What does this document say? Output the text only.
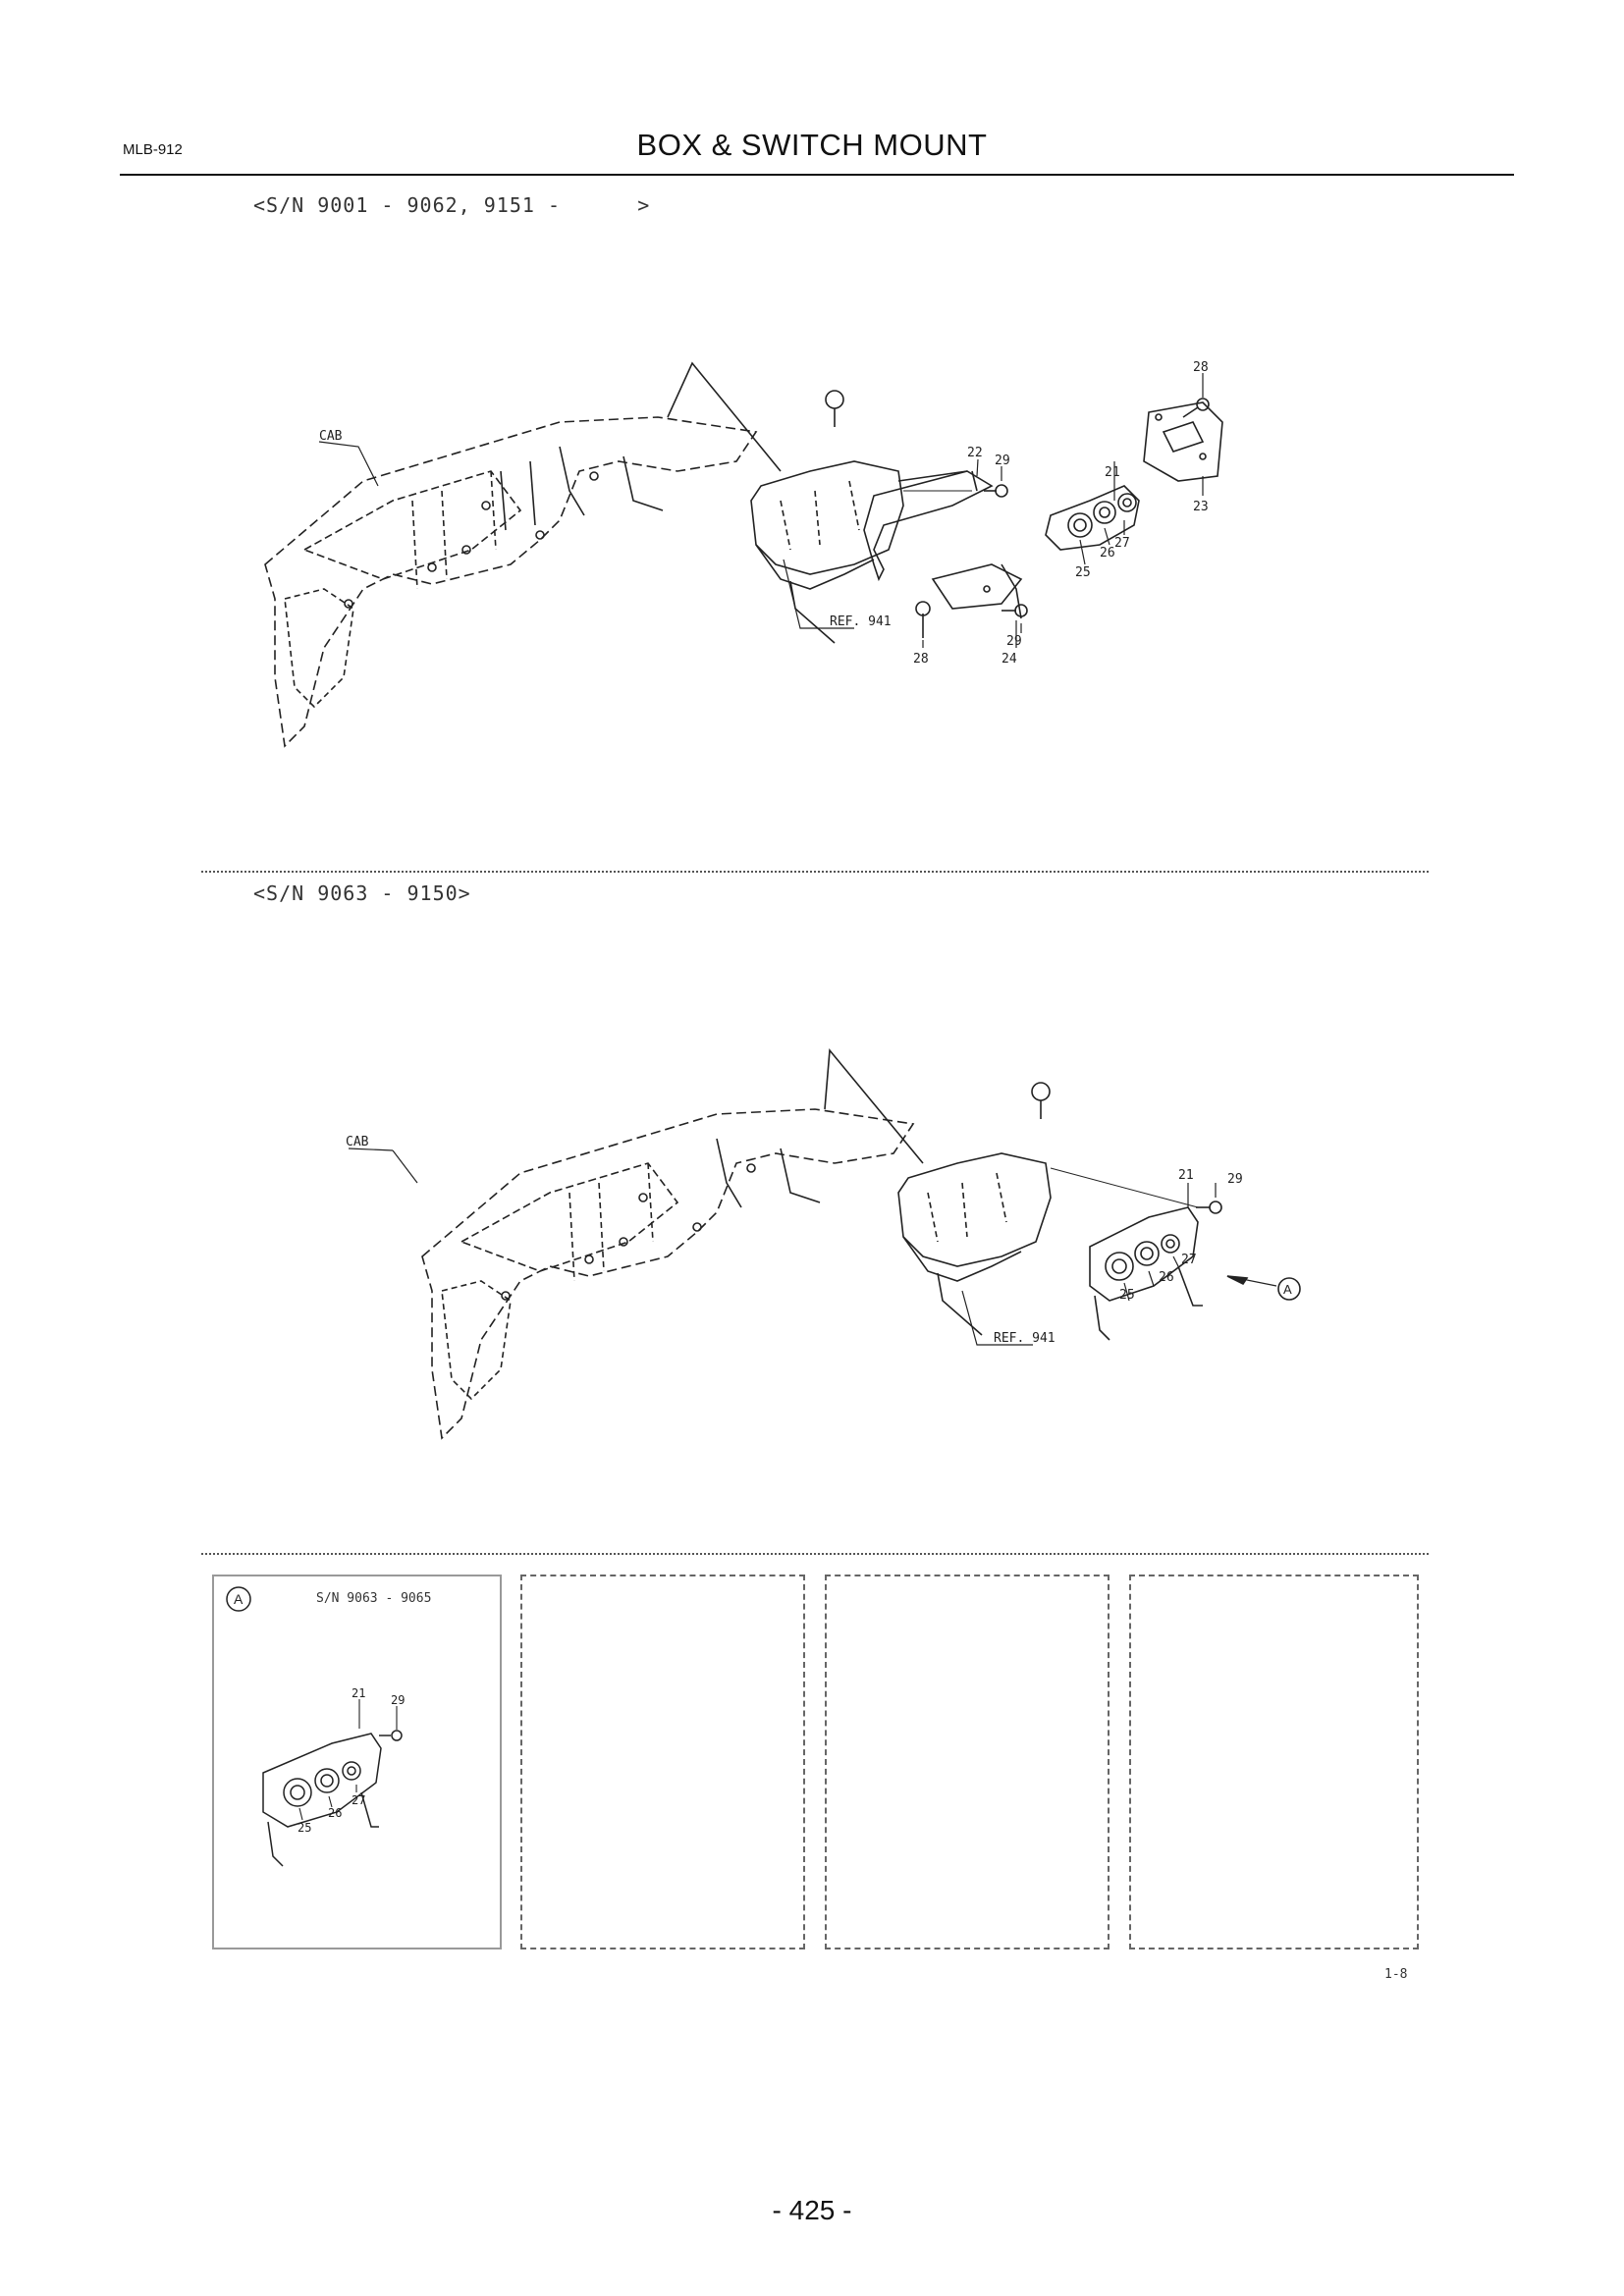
MLB-912	BOX & SWITCH MOUNT
<S/N 9001 - 9062, 9151 -      >
CAB
REF. 941
28
22
29
21
23
27
26
25
29
28	24
<S/N 9063 - 9150>
CAB
REF. 941
21	29
27
26
25	A
A	S/N 9063 - 9065
21 29
27
26
25
1-8
- 425 -
